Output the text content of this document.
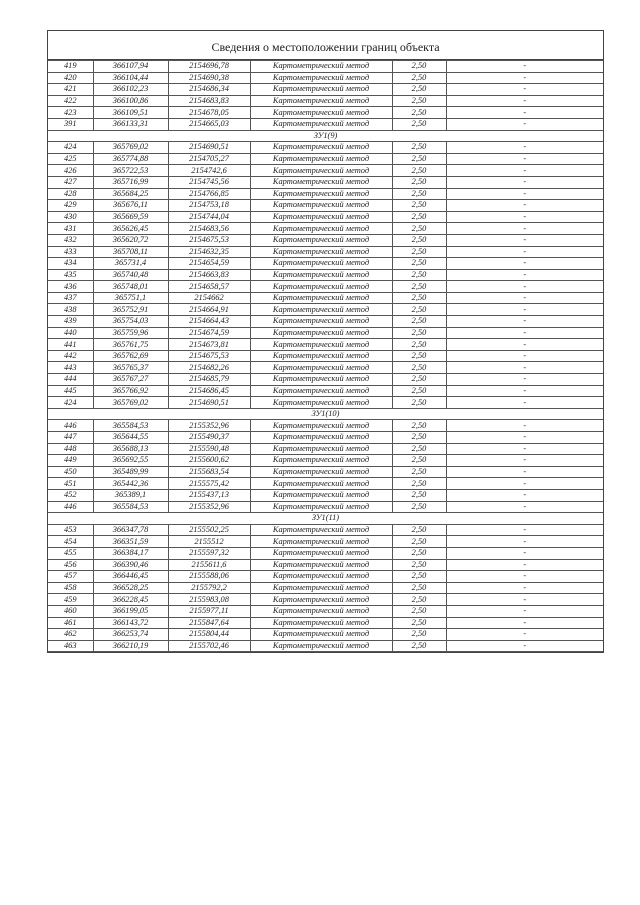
Сведения о местоположении границ объекта
419	366107,94	2154696,78	Картометрический метод	2,50	-
420	366104,44	2154690,38	Картометрический метод	2,50	-
421	366102,23	2154686,34	Картометрический метод	2,50	-
422	366100,86	2154683,83	Картометрический метод	2,50	-
423	366109,51	2154678,05	Картометрический метод	2,50	-
391	366133,31	2154665,03	Картометрический метод	2,50	-
ЗУ1(9)					
424	365769,02	2154690,51	Картометрический метод	2,50	-
425	365774,88	2154705,27	Картометрический метод	2,50	-
426	365722,53	2154742,6	Картометрический метод	2,50	-
427	365716,99	2154745,56	Картометрический метод	2,50	-
428	365684,25	2154766,85	Картометрический метод	2,50	-
429	365676,11	2154753,18	Картометрический метод	2,50	-
430	365669,59	2154744,04	Картометрический метод	2,50	-
431	365626,45	2154683,56	Картометрический метод	2,50	-
432	365620,72	2154675,53	Картометрический метод	2,50	-
433	365708,11	2154632,35	Картометрический метод	2,50	-
434	365731,4	2154654,59	Картометрический метод	2,50	-
435	365740,48	2154663,83	Картометрический метод	2,50	-
436	365748,01	2154658,57	Картометрический метод	2,50	-
437	365751,1	2154662	Картометрический метод	2,50	-
438	365752,91	2154664,91	Картометрический метод	2,50	-
439	365754,03	2154664,43	Картометрический метод	2,50	-
440	365759,96	2154674,59	Картометрический метод	2,50	-
441	365761,75	2154673,81	Картометрический метод	2,50	-
442	365762,69	2154675,53	Картометрический метод	2,50	-
443	365765,37	2154682,26	Картометрический метод	2,50	-
444	365767,27	2154685,79	Картометрический метод	2,50	-
445	365766,92	2154686,45	Картометрический метод	2,50	-
424	365769,02	2154690,51	Картометрический метод	2,50	-
ЗУ1(10)					
446	365584,53	2155352,96	Картометрический метод	2,50	-
447	365644,55	2155490,37	Картометрический метод	2,50	-
448	365688,13	2155590,48	Картометрический метод	2,50	-
449	365692,55	2155600,62	Картометрический метод	2,50	-
450	365489,99	2155683,54	Картометрический метод	2,50	-
451	365442,36	2155575,42	Картометрический метод	2,50	-
452	365389,1	2155437,13	Картометрический метод	2,50	-
446	365584,53	2155352,96	Картометрический метод	2,50	-
ЗУ1(11)					
453	366347,78	2155502,25	Картометрический метод	2,50	-
454	366351,59	2155512	Картометрический метод	2,50	-
455	366384,17	2155597,32	Картометрический метод	2,50	-
456	366390,46	2155611,6	Картометрический метод	2,50	-
457	366446,45	2155588,06	Картометрический метод	2,50	-
458	366528,25	2155792,2	Картометрический метод	2,50	-
459	366228,45	2155983,08	Картометрический метод	2,50	-
460	366199,05	2155977,11	Картометрический метод	2,50	-
461	366143,72	2155847,64	Картометрический метод	2,50	-
462	366253,74	2155804,44	Картометрический метод	2,50	-
463	366210,19	2155702,46	Картометрический метод	2,50	-
